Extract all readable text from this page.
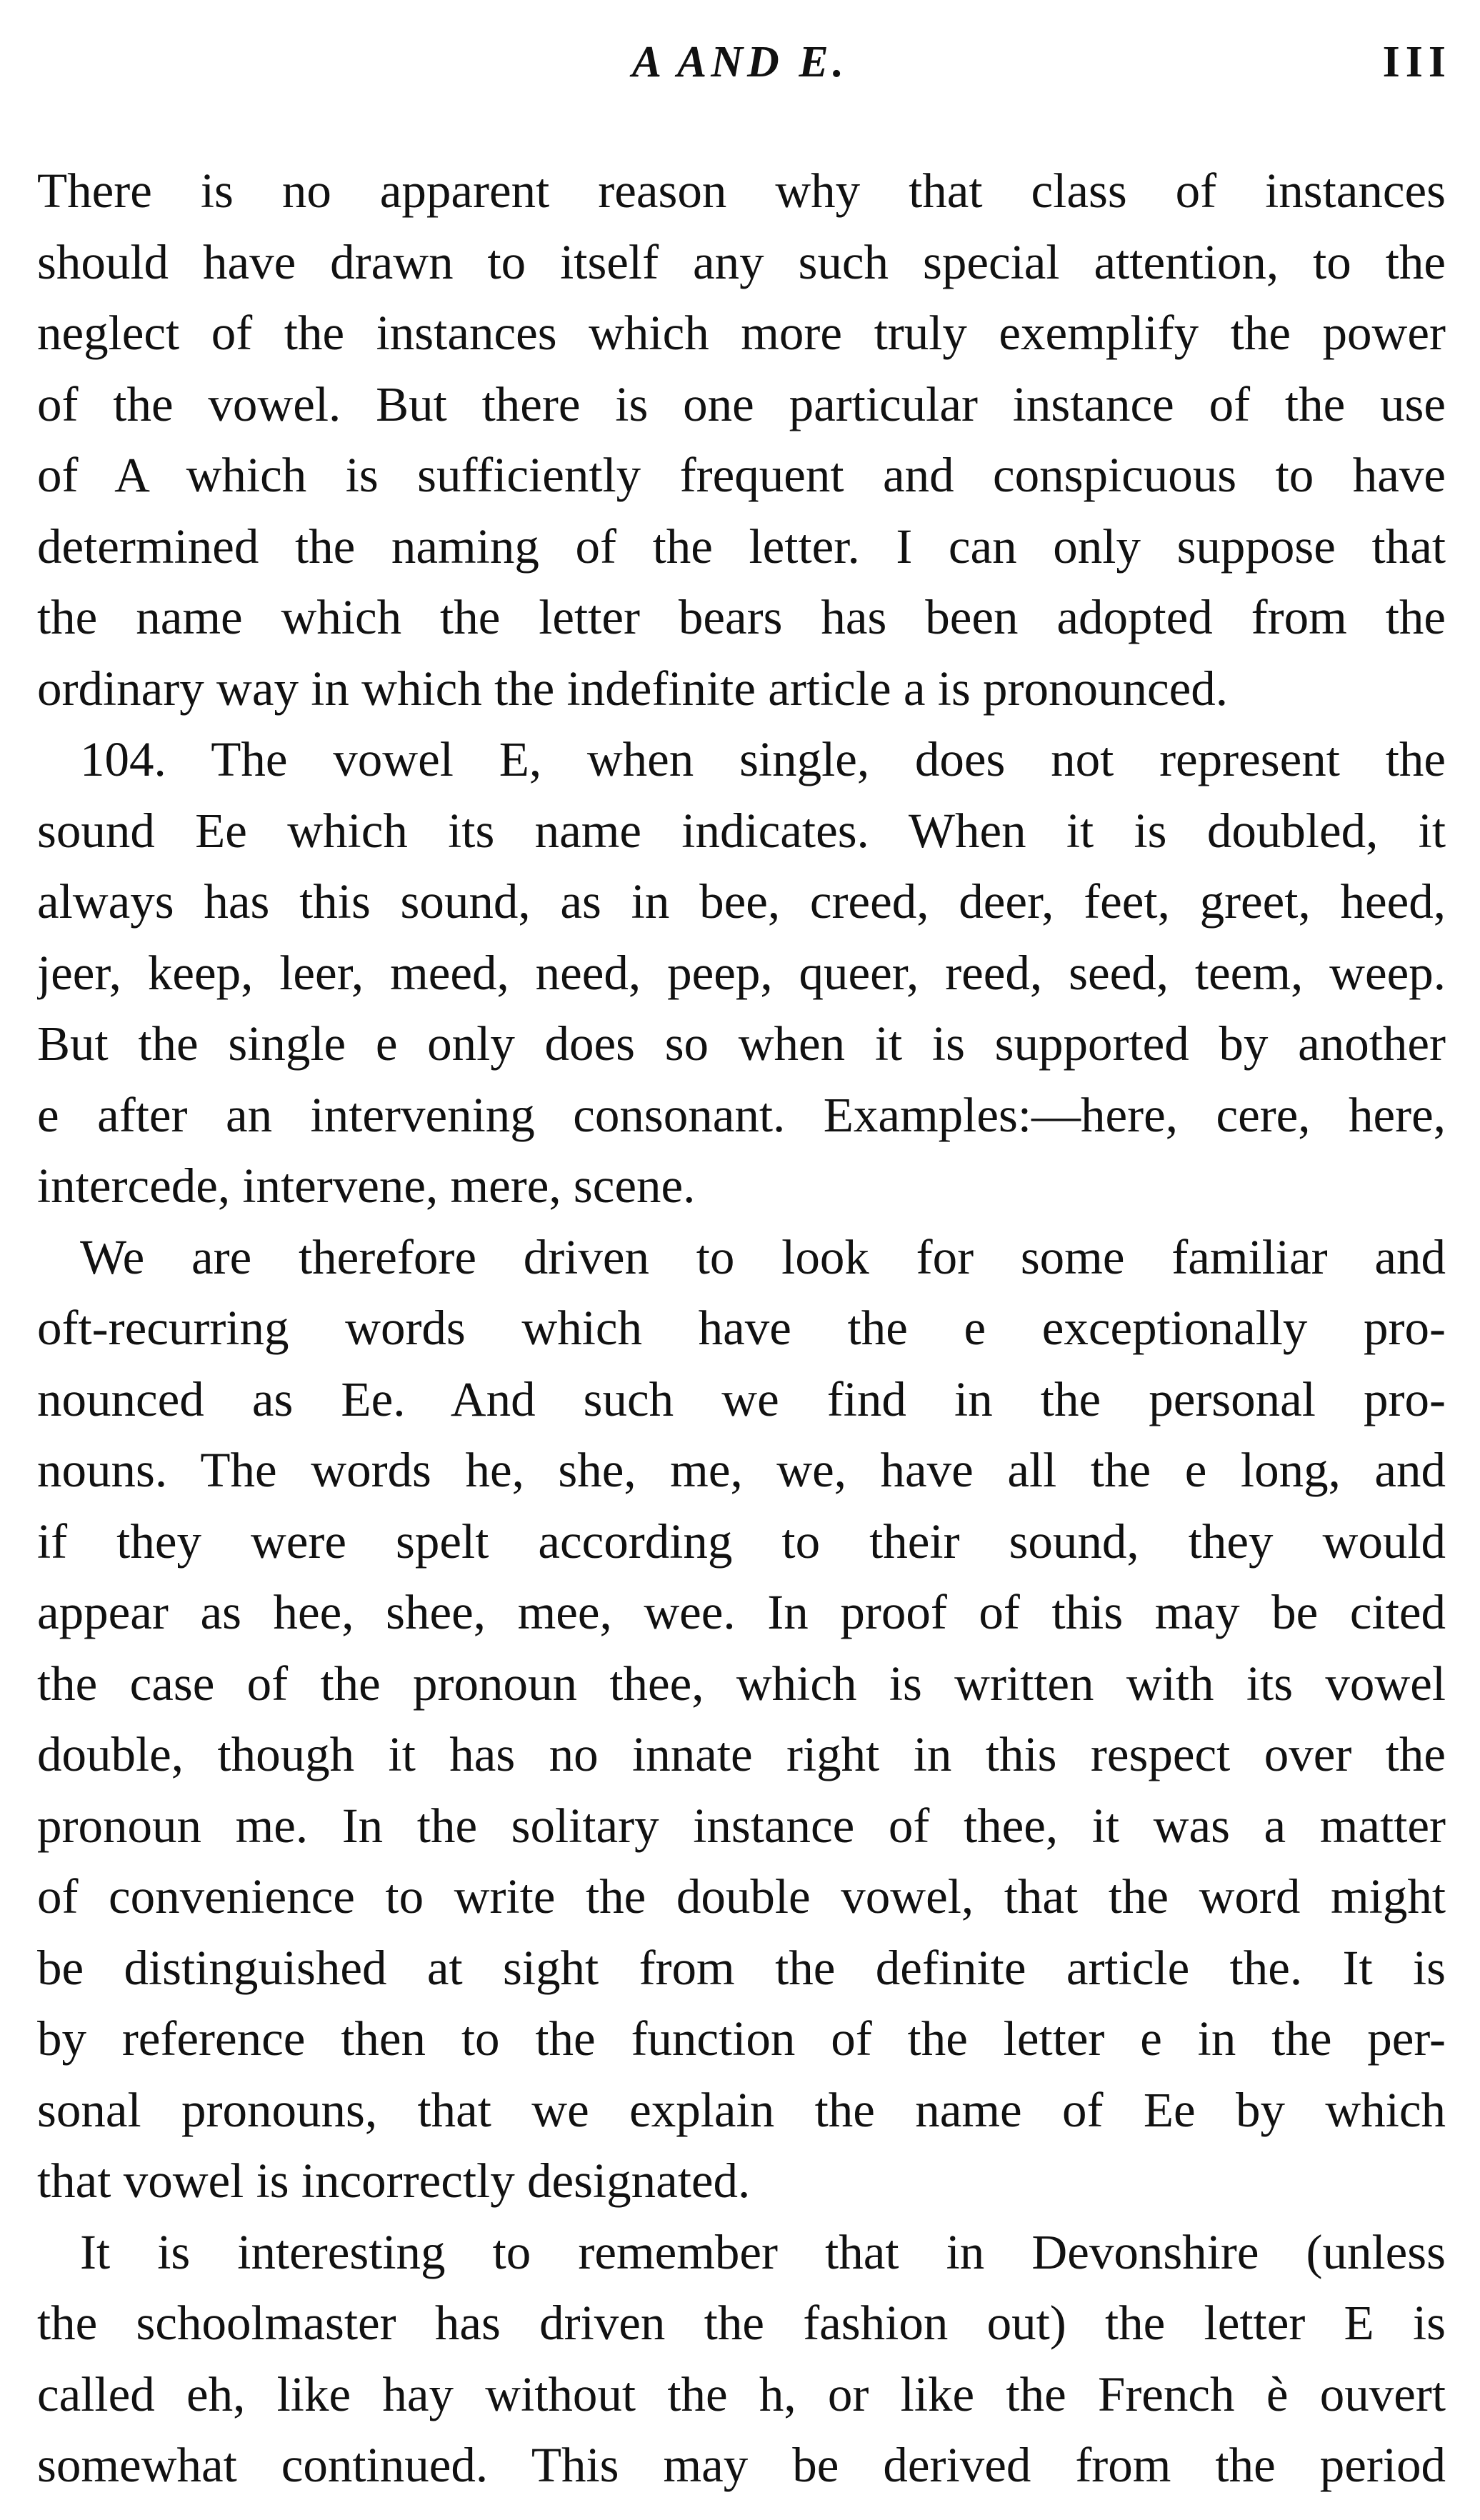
A AND E.	III
There is no apparent reason why that class of instances
should have drawn to itself any such special attention, to the
neglect of the instances which more truly exemplify the power
of the vowel. But there is one particular instance of the use
of A which is sufficiently frequent and conspicuous to have
determined the naming of the letter. I can only suppose that
the name which the letter bears has been adopted from the
ordinary way in which the indefinite article a is pronounced.
104. The vowel E, when single, does not represent the
sound Ee which its name indicates. When it is doubled, it
always has this sound, as in bee, creed, deer, feet, greet, heed,
jeer, keep, leer, meed, need, peep, queer, reed, seed, teem, weep.
But the single e only does so when it is supported by another
e after an intervening consonant. Examples:—here, cere, here,
intercede, intervene, mere, scene.
We are therefore driven to look for some familiar and
oft-recurring words which have the e exceptionally pro-
nounced as Ee. And such we find in the personal pro-
nouns. The words he, she, me, we, have all the e long, and
if they were spelt according to their sound, they would
appear as hee, shee, mee, wee. In proof of this may be cited
the case of the pronoun thee, which is written with its vowel
double, though it has no innate right in this respect over the
pronoun me. In the solitary instance of thee, it was a matter
of convenience to write the double vowel, that the word might
be distinguished at sight from the definite article the. It is
by reference then to the function of the letter e in the per-
sonal pronouns, that we explain the name of Ee by which
that vowel is incorrectly designated.
It is interesting to remember that in Devonshire (unless
the schoolmaster has driven the fashion out) the letter E is
called eh, like hay without the h, or like the French è ouvert
somewhat continued. This may be derived from the period
